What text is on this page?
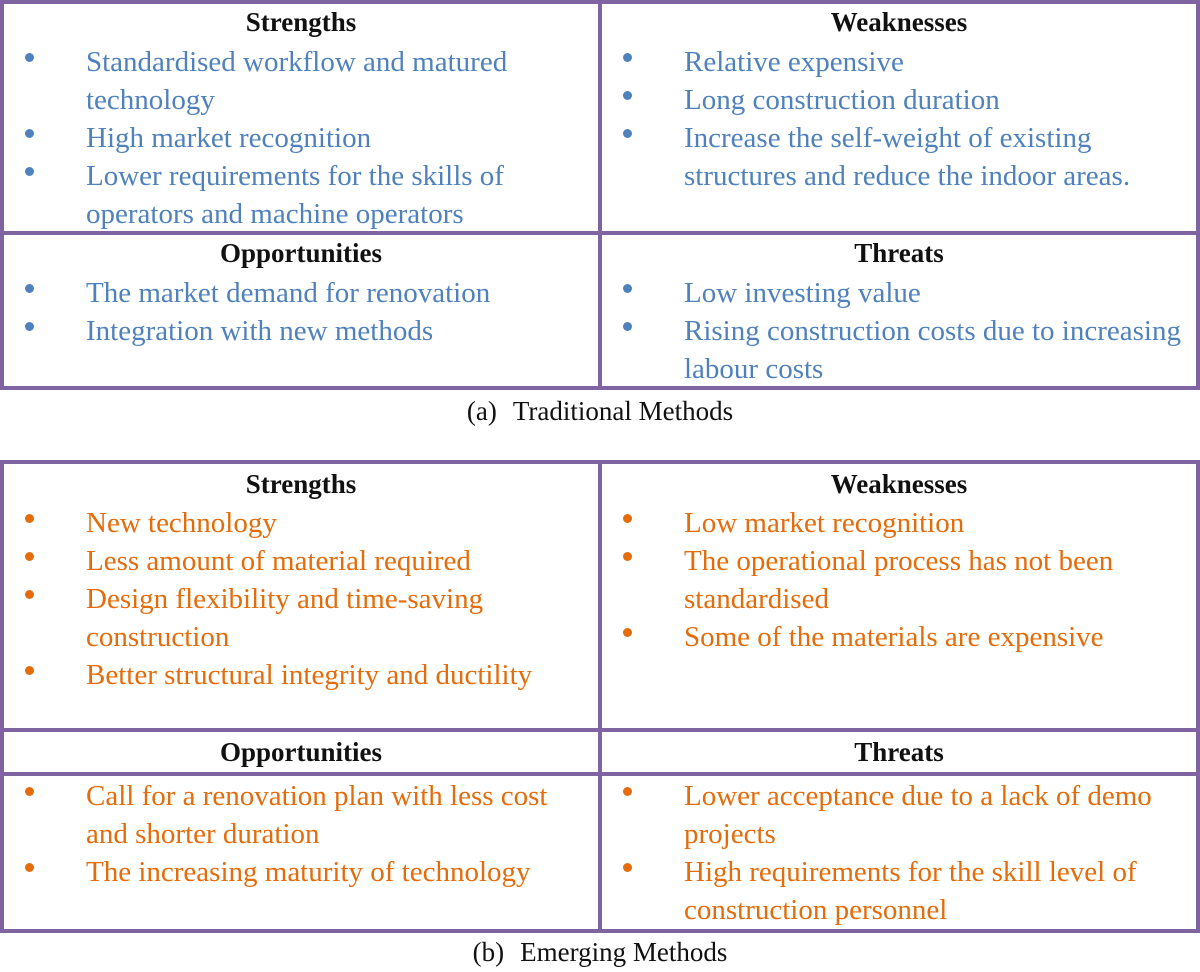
Strengths
Standardised workflow and matured technology
High market recognition
Lower requirements for the skills of operators and machine operators
Weaknesses
Relative expensive
Long construction duration
Increase the self-weight of existing structures and reduce the indoor areas.
Opportunities
The market demand for renovation
Integration with new methods
Threats
Low investing value
Rising construction costs due to increasing labour costs
(a) Traditional Methods
Strengths
New technology
Less amount of material required
Design flexibility and time-saving construction
Better structural integrity and ductility
Weaknesses
Low market recognition
The operational process has not been standardised
Some of the materials are expensive
Opportunities
Call for a renovation plan with less cost and shorter duration
The increasing maturity of technology
Threats
Lower acceptance due to a lack of demo projects
High requirements for the skill level of construction personnel
(b) Emerging Methods
